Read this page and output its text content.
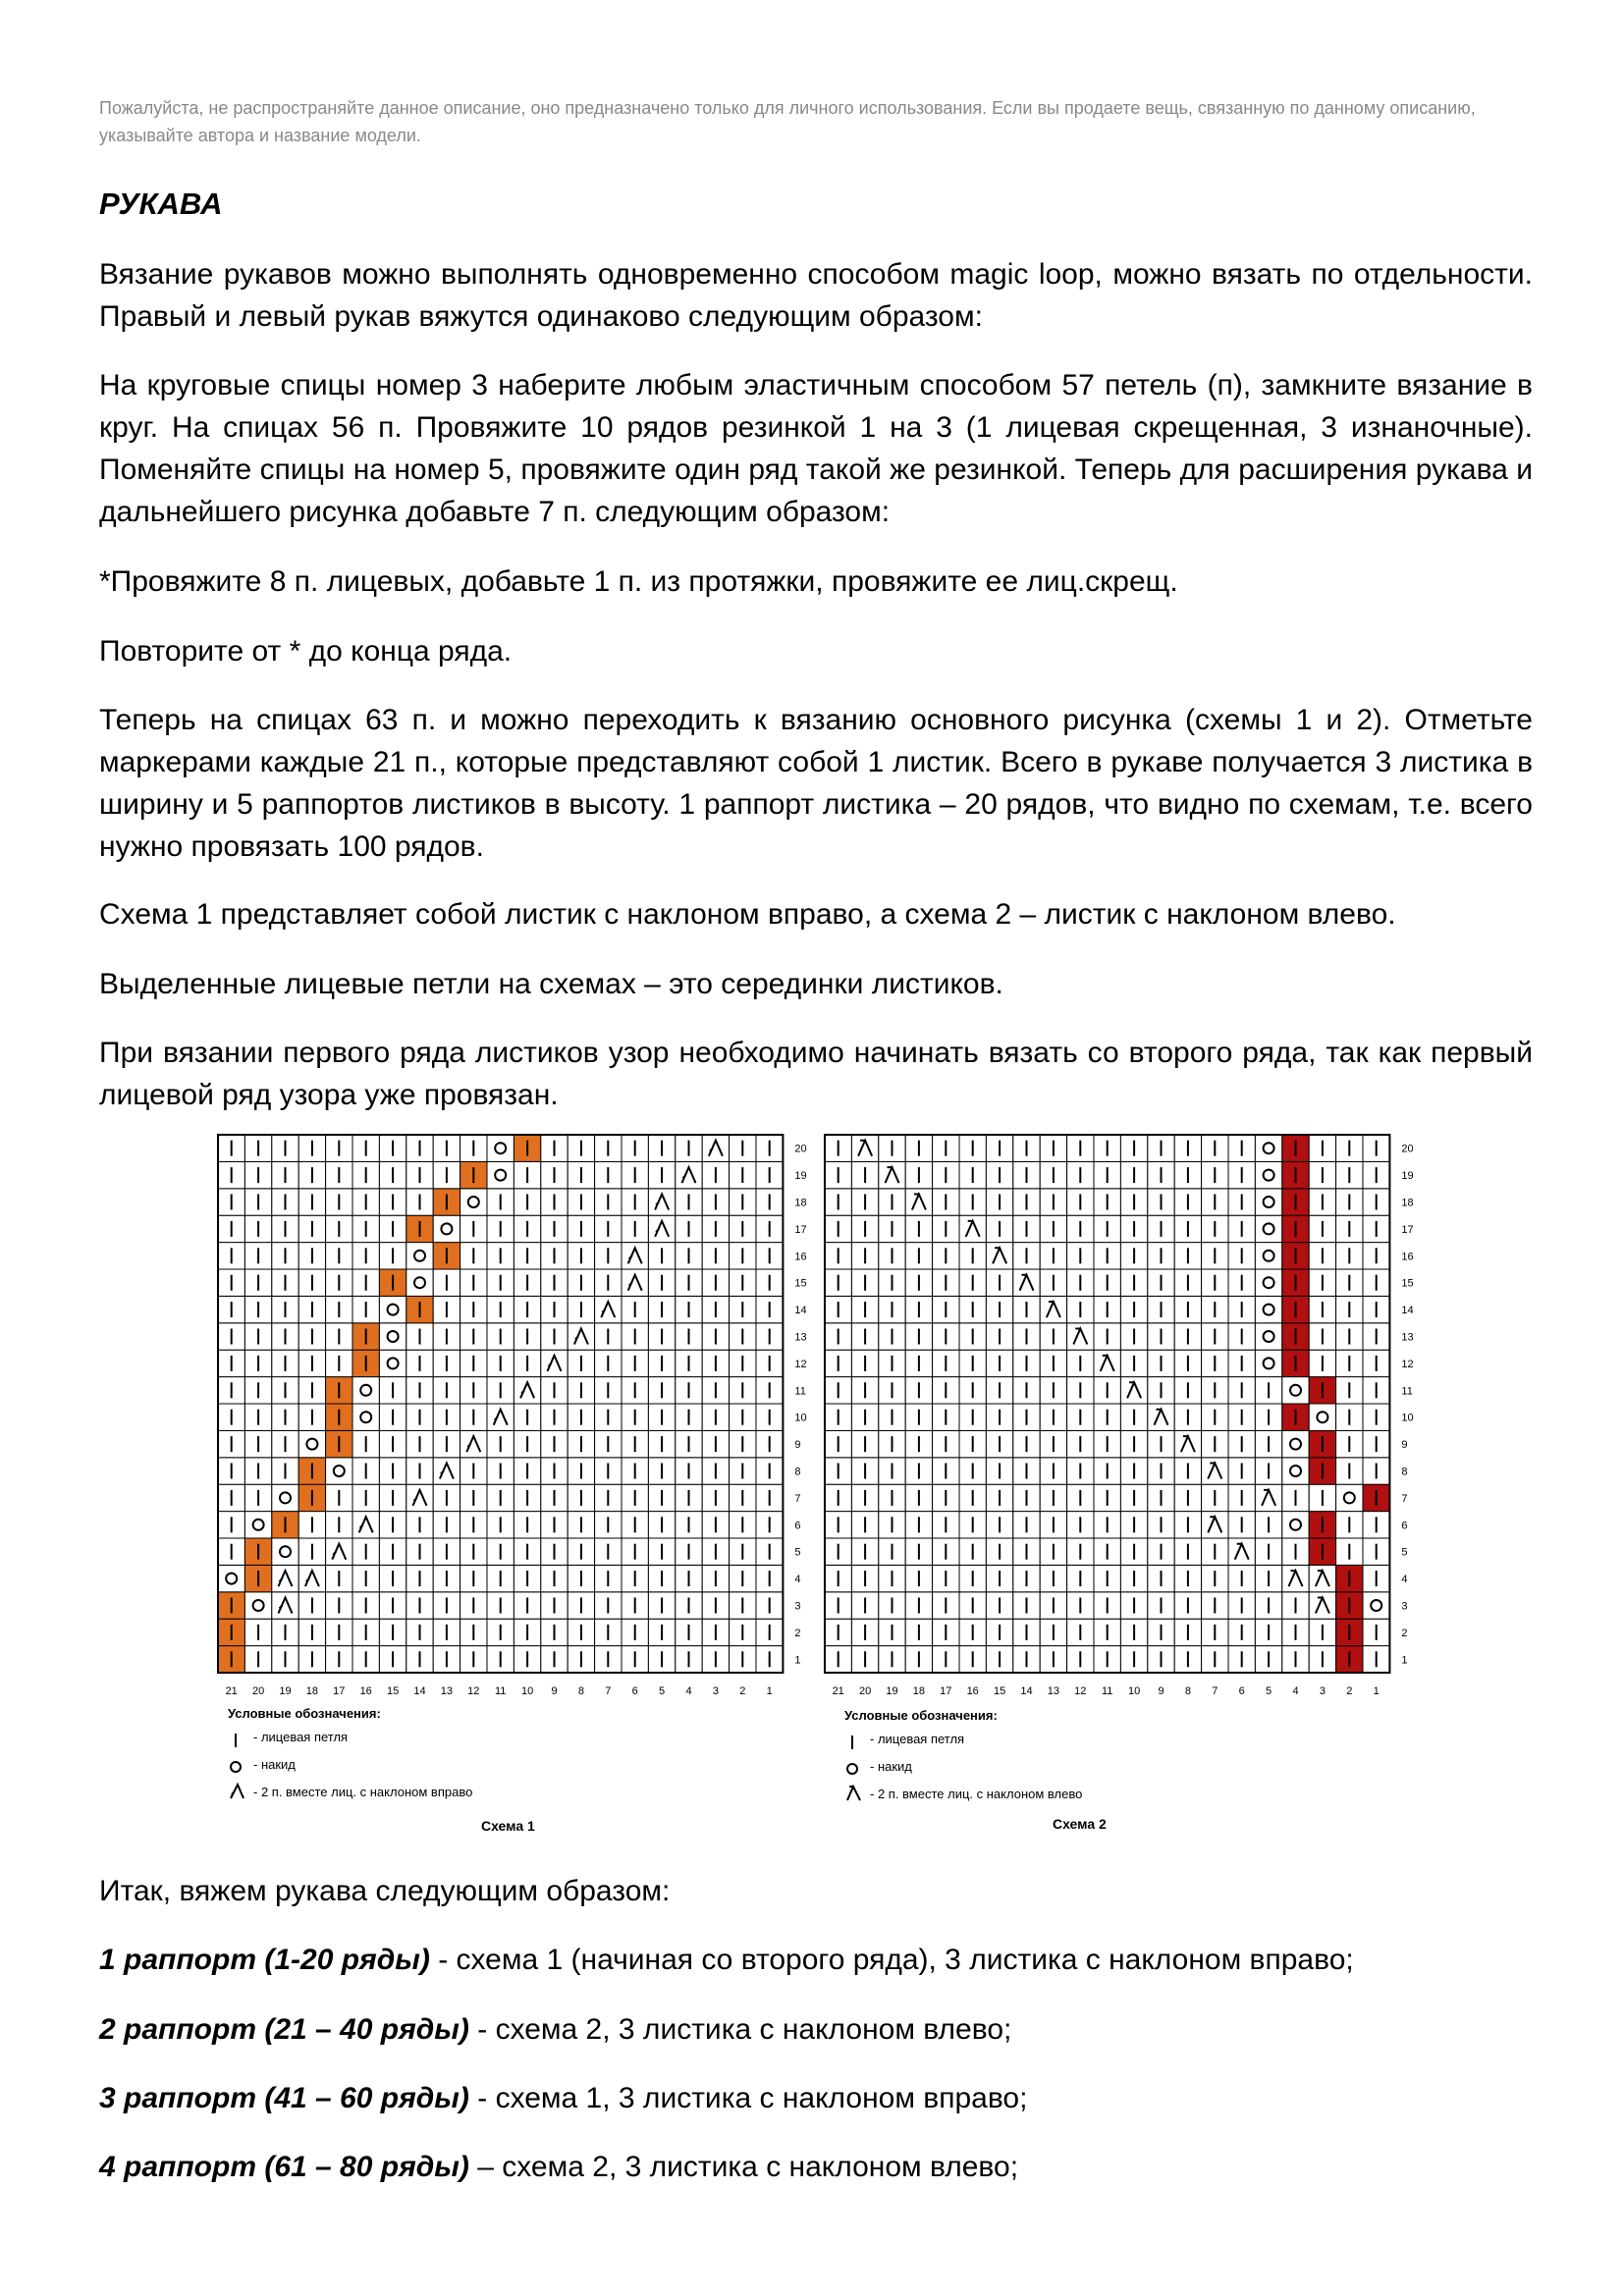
Пожалуйста, не распространяйте данное описание, оно предназначено только для личного использования. Если вы продаете вещь, связанную по данному описанию, указывайте автора и название модели.
РУКАВА
Вязание рукавов можно выполнять одновременно способом magic loop, можно вязать по отдельности. Правый и левый рукав вяжутся одинаково следующим образом:
На круговые спицы номер 3 наберите любым эластичным способом 57 петель (п), замкните вязание в круг. На спицах 56 п. Провяжите 10 рядов резинкой 1 на 3 (1 лицевая скрещенная, 3 изнаночные). Поменяйте спицы на номер 5, провяжите один ряд такой же резинкой. Теперь для расширения рукава и дальнейшего рисунка добавьте 7 п. следующим образом:
*Провяжите 8 п. лицевых, добавьте 1 п. из протяжки, провяжите ее лиц.скрещ.
Повторите от * до конца ряда.
Теперь на спицах 63 п. и можно переходить к вязанию основного рисунка (схемы 1 и 2). Отметьте маркерами каждые 21 п., которые представляют собой 1 листик. Всего в рукаве получается 3 листика в ширину и 5 раппортов листиков в высоту. 1 раппорт листика – 20 рядов, что видно по схемам, т.е. всего нужно провязать 100 рядов.
Схема 1 представляет собой листик с наклоном вправо, а схема 2 – листик с наклоном влево.
Выделенные лицевые петли на схемах – это серединки листиков.
При вязании первого ряда листиков узор необходимо начинать вязать со второго ряда, так как первый лицевой ряд узора уже провязан.
1
2
3
4
5
6
7
8
9
10
11
12
13
14
15
16
17
18
19
20
21 20 19 18 17 16 15 14 13 12 11 10 9 8 7 6 5 4 3 2 1
Условные обозначения:
- лицевая петля
- накид
- 2 п. вместе лиц. с наклоном вправо
Схема 1
1
2
3
4
5
6
7
8
9
10
11
12
13
14
15
16
17
18
19
20
21 20 19 18 17 16 15 14 13 12 11 10 9 8 7 6 5 4 3 2 1
Условные обозначения:
- лицевая петля
- накид
- 2 п. вместе лиц. с наклоном влево
Схема 2
Итак, вяжем рукава следующим образом:
1 раппорт (1-20 ряды) - схема 1 (начиная со второго ряда), 3 листика с наклоном вправо;
2 раппорт (21 – 40 ряды) - схема 2, 3 листика с наклоном влево;
3 раппорт (41 – 60 ряды) - схема 1, 3 листика с наклоном вправо;
4 раппорт (61 – 80 ряды) – схема 2, 3 листика с наклоном влево;
